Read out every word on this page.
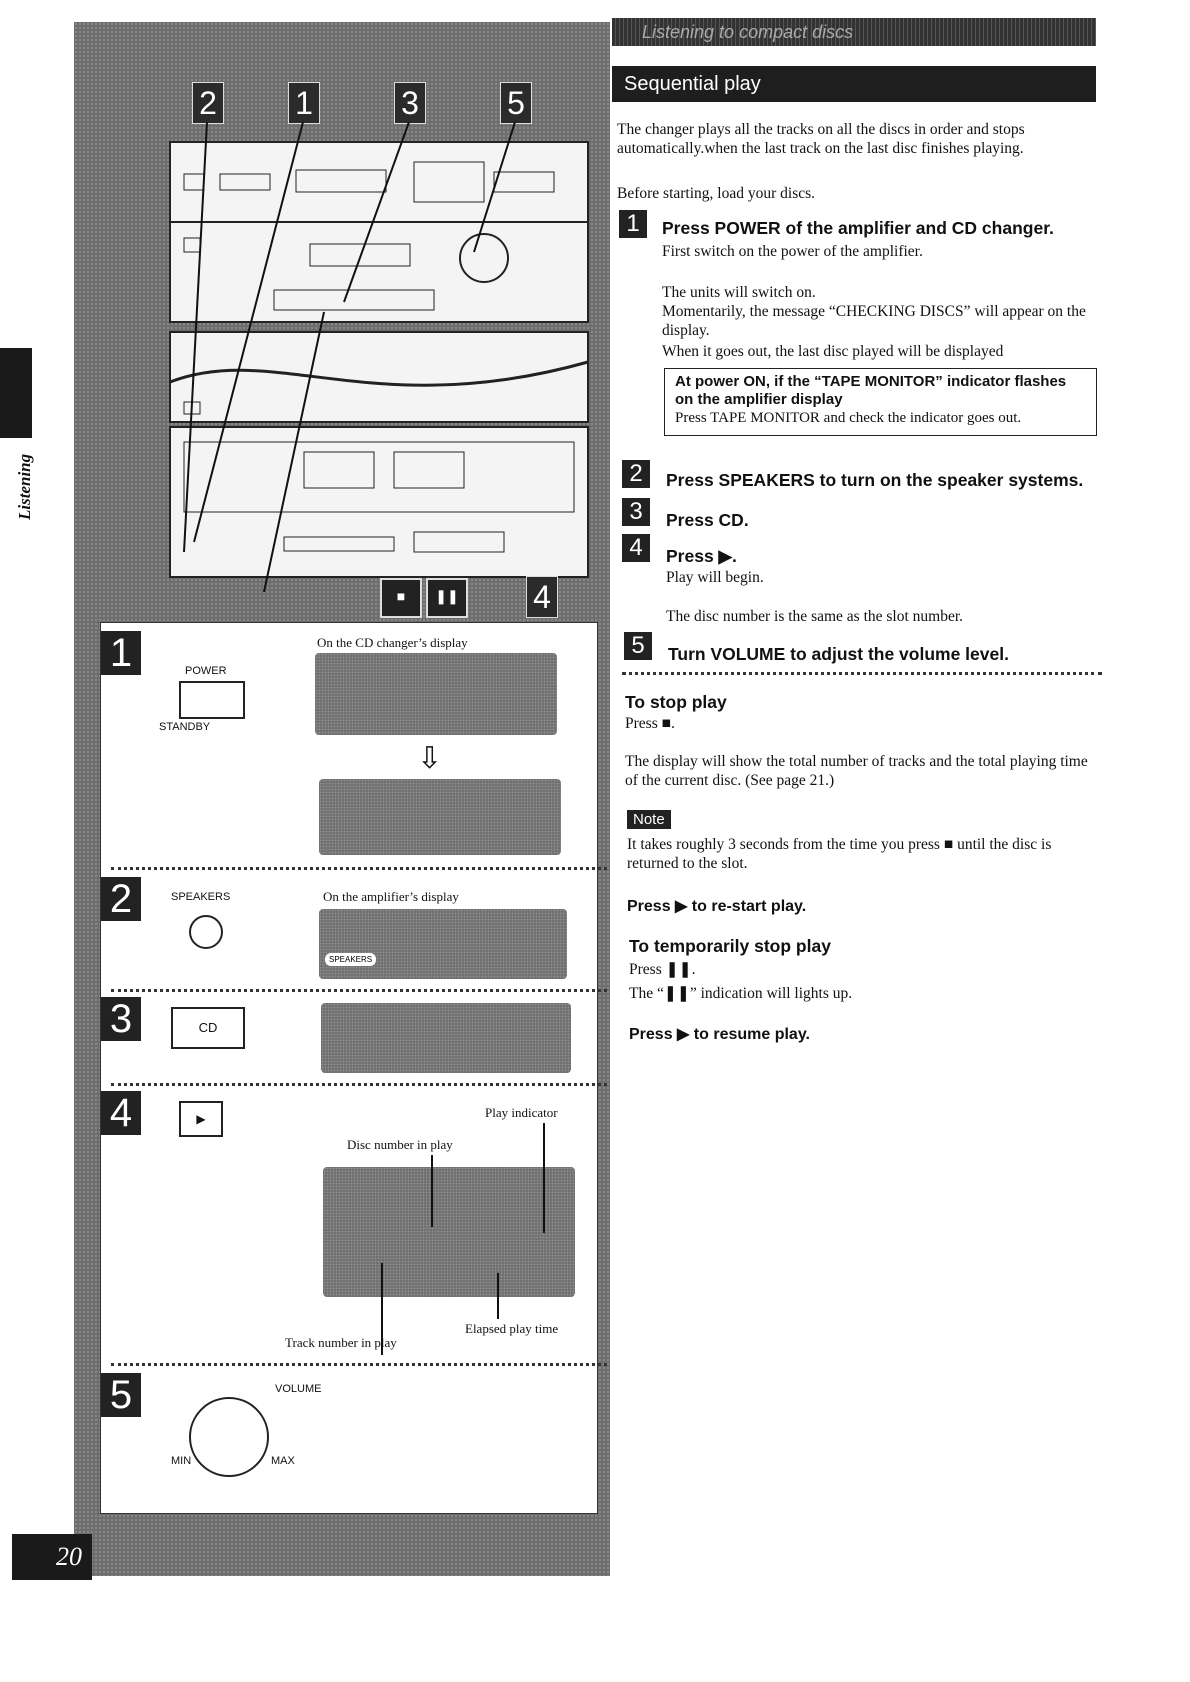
Listening
2 1	3	5
■	❚❚ 4
1	On the CD changer’s display
POWER
STANDBY
⇩
2	SPEAKERS	On the amplifier’s display
SPEAKERS
3	CD
4	▶	Play indicator
Disc number in play
Elapsed play time
Track number in play
5	VOLUME
MIN	MAX
20
Listening to compact discs
Sequential play
The changer plays all the tracks on all the discs in order and stops automatically.when the last track on the last disc finishes playing.
Before starting, load your discs.
1	Press POWER of the amplifier and CD changer.
First switch on the power of the amplifier.
The units will switch on.
Momentarily, the message “CHECKING DISCS” will appear on the display.
When it goes out, the last disc played will be displayed
At power ON, if the “TAPE MONITOR” indicator flashes on the amplifier display
Press TAPE MONITOR and check the indicator goes out.
2	Press SPEAKERS to turn on the speaker systems.
3	Press CD.
4	Press ▶.
Play will begin.
The disc number is the same as the slot number.
5	Turn VOLUME to adjust the volume level.
To stop play
Press ■.
The display will show the total number of tracks and the total playing time of the current disc. (See page 21.)
Note
It takes roughly 3 seconds from the time you press ■ until the disc is returned to the slot.
Press ▶ to re-start play.
To temporarily stop play
Press ❚❚.
The “❚❚” indication will lights up.
Press ▶ to resume play.
